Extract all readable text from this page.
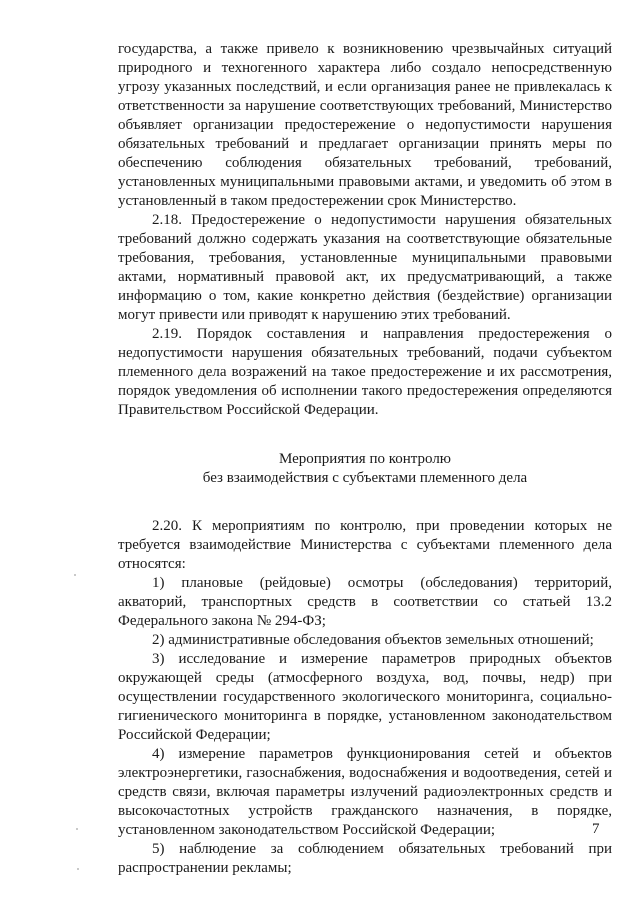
государства, а также привело к возникновению чрезвычайных ситуаций природного и техногенного характера либо создало непосредственную угрозу указанных последствий, и если организация ранее не привлекалась к ответственности за нарушение соответствующих требований, Министерство объявляет организации предостережение о недопустимости нарушения обязательных требований и предлагает организации принять меры по обеспечению соблюдения обязательных требований, требований, установленных муниципальными правовыми актами, и уведомить об этом в установленный в таком предостережении срок Министерство.

2.18. Предостережение о недопустимости нарушения обязательных требований должно содержать указания на соответствующие обязательные требования, требования, установленные муниципальными правовыми актами, нормативный правовой акт, их предусматривающий, а также информацию о том, какие конкретно действия (бездействие) организации могут привести или приводят к нарушению этих требований.

2.19. Порядок составления и направления предостережения о недопустимости нарушения обязательных требований, подачи субъектом племенного дела возражений на такое предостережение и их рассмотрения, порядок уведомления об исполнении такого предостережения определяются Правительством Российской Федерации.

Мероприятия по контролю
без взаимодействия с субъектами племенного дела

2.20. К мероприятиям по контролю, при проведении которых не требуется взаимодействие Министерства с субъектами племенного дела относятся:

1) плановые (рейдовые) осмотры (обследования) территорий, акваторий, транспортных средств в соответствии со статьей 13.2 Федерального закона № 294-ФЗ;

2) административные обследования объектов земельных отношений;

3) исследование и измерение параметров природных объектов окружающей среды (атмосферного воздуха, вод, почвы, недр) при осуществлении государственного экологического мониторинга, социально-гигиенического мониторинга в порядке, установленном законодательством Российской Федерации;

4) измерение параметров функционирования сетей и объектов электроэнергетики, газоснабжения, водоснабжения и водоотведения, сетей и средств связи, включая параметры излучений радиоэлектронных средств и высокочастотных устройств гражданского назначения, в порядке, установленном законодательством Российской Федерации;

5) наблюдение за соблюдением обязательных требований при распространении рекламы;

7
